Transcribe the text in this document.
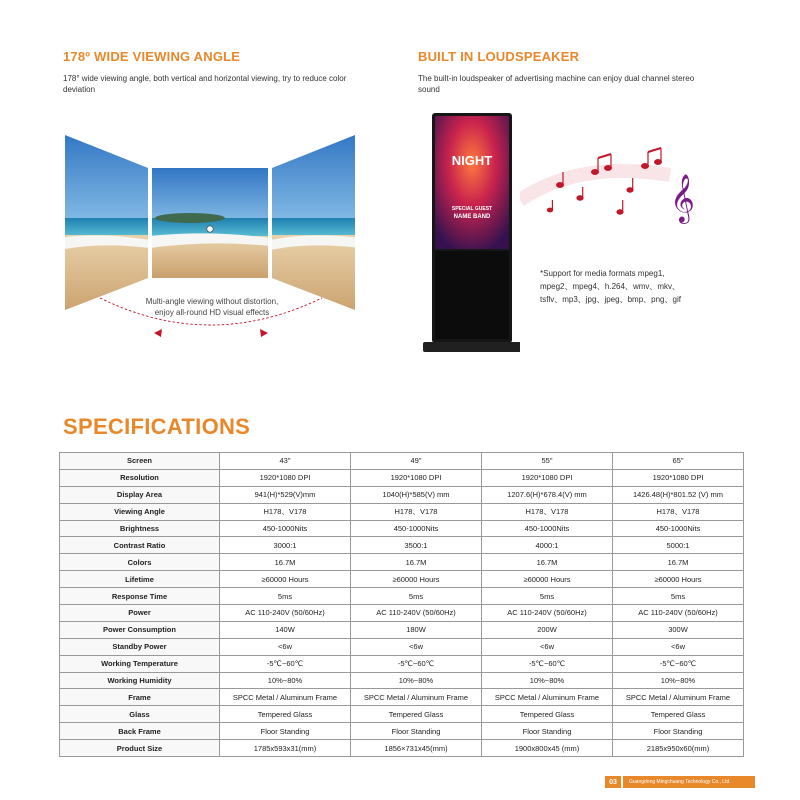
178º WIDE VIEWING ANGLE
178° wide viewing angle, both vertical and horizontal viewing, try to reduce color deviation
Multi-angle viewing without distortion,
enjoy all-round HD visual effects
BUILT IN LOUDSPEAKER
The built-in loudspeaker of advertising machine can enjoy dual channel stereo sound
NIGHT
SPECIAL GUEST
NAME BAND	𝄞
*Support for media formats mpeg1,
mpeg2、mpeg4、h.264、wmv、mkv、
tsflv、mp3、jpg、jpeg、bmp、png、gif
SPECIFICATIONS
Screen	43"	49"	55"	65"
Resolution	1920*1080 DPI	1920*1080 DPI	1920*1080 DPI	1920*1080 DPI
Display Area	941(H)*529(V)mm	1040(H)*585(V) mm	1207.6(H)*678.4(V) mm	1426.48(H)*801.52 (V) mm
Viewing Angle	H178、V178	H178、V178	H178、V178	H178、V178
Brightness	450-1000Nits	450-1000Nits	450-1000Nits	450-1000Nits
Contrast Ratio	3000:1	3500:1	4000:1	5000:1
Colors	16.7M	16.7M	16.7M	16.7M
Lifetime	≥60000 Hours	≥60000 Hours	≥60000 Hours	≥60000 Hours
Response Time	5ms	5ms	5ms	5ms
Power	AC 110-240V (50/60Hz)	AC 110-240V (50/60Hz)	AC 110-240V (50/60Hz)	AC 110-240V (50/60Hz)
Power Consumption	140W	180W	200W	300W
Standby Power	<6w	<6w	<6w	<6w
Working Temperature	-5℃~60℃	-5℃~60℃	-5℃~60℃	-5℃~60℃
Working Humidity	10%~80%	10%~80%	10%~80%	10%~80%
Frame	SPCC Metal / Aluminum Frame	SPCC Metal / Aluminum Frame	SPCC Metal / Aluminum Frame	SPCC Metal / Aluminum Frame
Glass	Tempered Glass	Tempered Glass	Tempered Glass	Tempered Glass
Back Frame	Floor Standing	Floor Standing	Floor Standing	Floor Standing
Product Size	1785x593x31(mm)	1856×731x45(mm)	1900x800x45 (mm)	2185x950x60(mm)
03	Guangdong Mingchuang Technology Co., Ltd.
